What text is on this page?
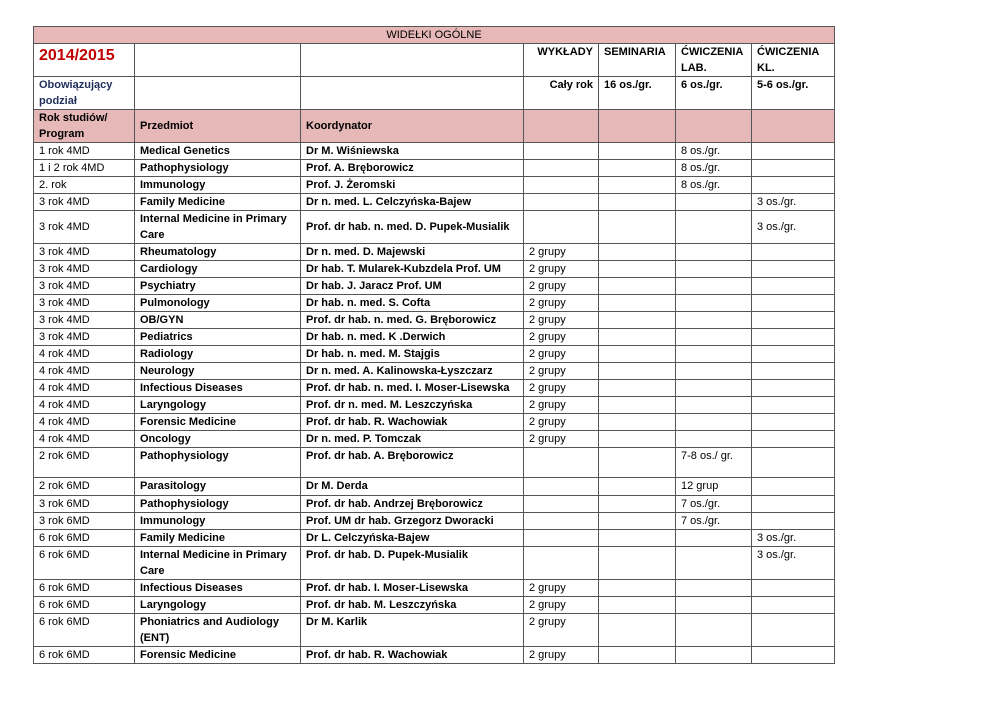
WIDEŁKI OGÓLNE						
2014/2015			WYKŁADY	SEMINARIA	ĆWICZENIA LAB.	ĆWICZENIA KL.
Obowiązujący podział			Cały rok	16 os./gr.	6 os./gr.	5-6 os./gr.
Rok studiów/ Program	Przedmiot	Koordynator				
1 rok 4MD	Medical Genetics	Dr M. Wiśniewska			8 os./gr.	
1 i 2 rok 4MD	Pathophysiology	Prof. A. Bręborowicz			8 os./gr.	
2. rok	Immunology	Prof. J. Żeromski			8 os./gr.	
3 rok 4MD	Family Medicine	Dr n. med. L. Celczyńska-Bajew				3 os./gr.
3 rok 4MD	Internal Medicine in Primary Care	Prof. dr hab. n. med. D. Pupek-Musialik				3 os./gr.
3 rok 4MD	Rheumatology	Dr n. med. D. Majewski	2 grupy			
3 rok 4MD	Cardiology	Dr hab. T. Mularek-Kubzdela Prof. UM	2 grupy			
3 rok 4MD	Psychiatry	Dr hab. J. Jaracz Prof. UM	2 grupy			
3 rok 4MD	Pulmonology	Dr hab. n. med. S. Cofta	2 grupy			
3 rok 4MD	OB/GYN	Prof. dr hab. n. med. G. Bręborowicz	2 grupy			
3 rok 4MD	Pediatrics	Dr hab. n. med. K .Derwich	2 grupy			
4 rok 4MD	Radiology	Dr hab. n. med. M. Stajgis	2 grupy			
4 rok 4MD	Neurology	Dr n. med. A. Kalinowska-Łyszczarz	2 grupy			
4 rok 4MD	Infectious Diseases	Prof. dr hab. n. med. I. Moser-Lisewska	2 grupy			
4 rok 4MD	Laryngology	Prof. dr n. med. M. Leszczyńska	2 grupy			
4 rok 4MD	Forensic Medicine	Prof. dr hab. R. Wachowiak	2 grupy			
4 rok 4MD	Oncology	Dr n. med. P. Tomczak	2 grupy			
2 rok 6MD	Pathophysiology	Prof. dr hab. A. Bręborowicz			7-8 os./ gr.	
2 rok 6MD	Parasitology	Dr M. Derda			12 grup	
3 rok 6MD	Pathophysiology	Prof. dr hab. Andrzej Bręborowicz			7 os./gr.	
3 rok 6MD	Immunology	Prof. UM dr hab. Grzegorz Dworacki			7 os./gr.	
6 rok 6MD	Family Medicine	Dr L. Celczyńska-Bajew				3 os./gr.
6 rok 6MD	Internal Medicine in Primary Care	Prof. dr hab. D. Pupek-Musialik				3 os./gr.
6 rok 6MD	Infectious Diseases	Prof. dr hab. I. Moser-Lisewska	2 grupy			
6 rok 6MD	Laryngology	Prof. dr hab. M. Leszczyńska	2 grupy			
6 rok 6MD	Phoniatrics and Audiology (ENT)	Dr M. Karlik	2 grupy			
6 rok 6MD	Forensic Medicine	Prof. dr hab. R. Wachowiak	2 grupy			
